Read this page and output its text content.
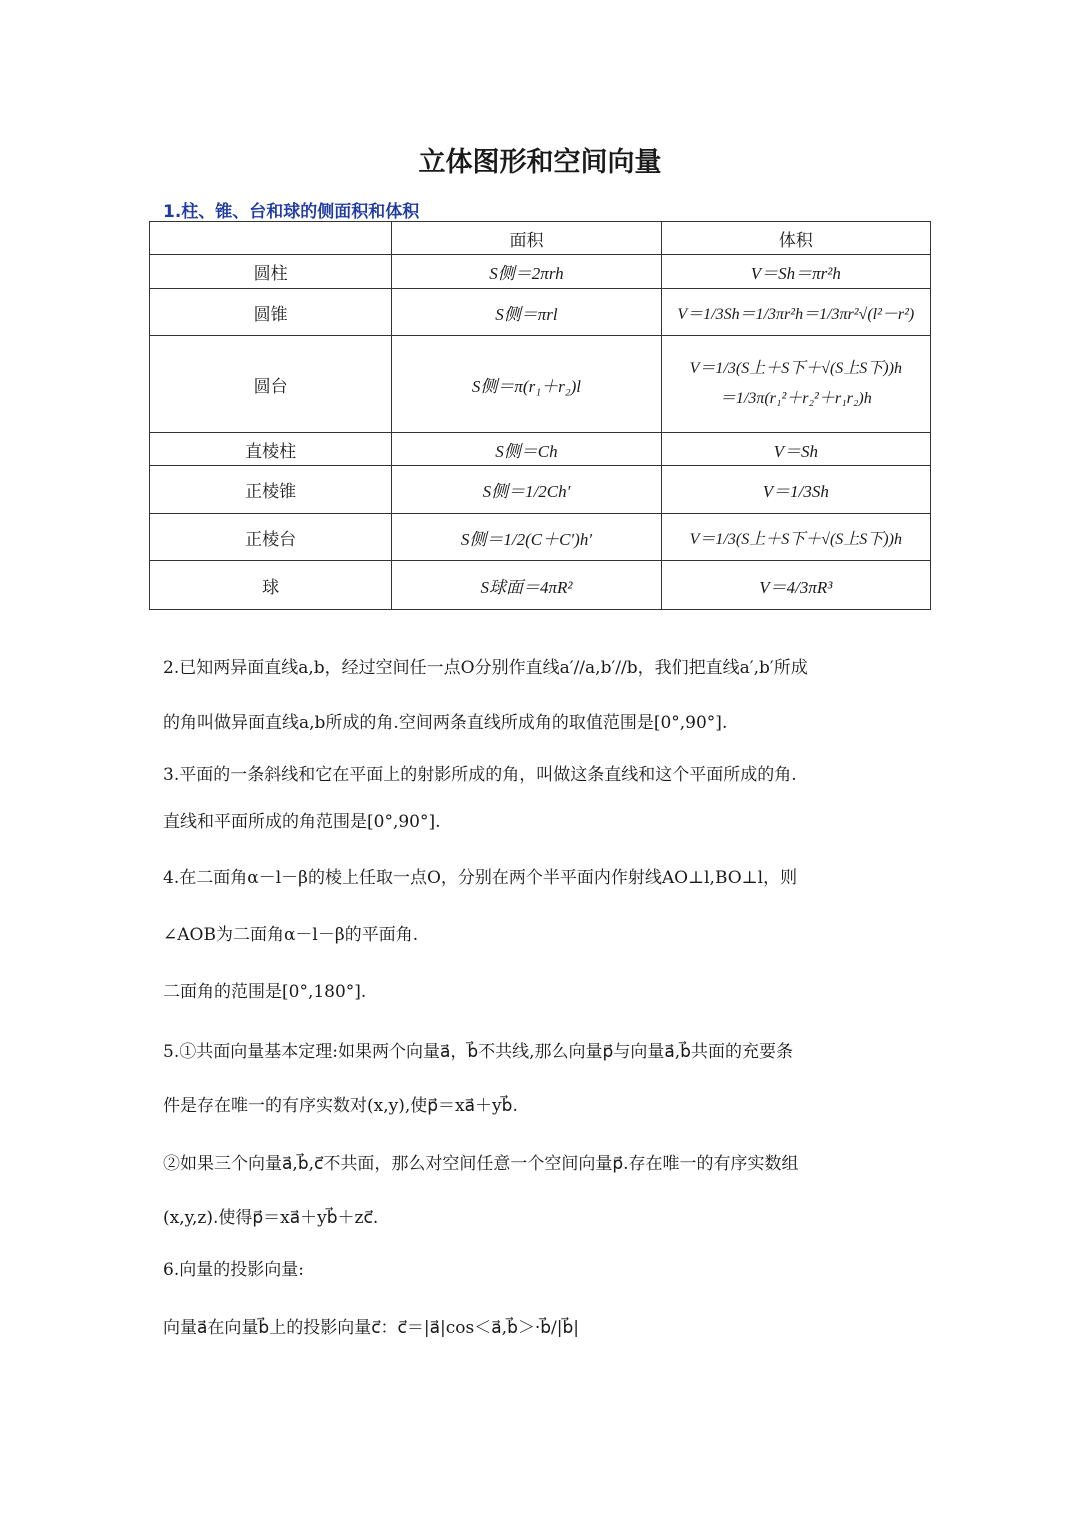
立体图形和空间向量
1.柱、锥、台和球的侧面积和体积
	面积	体积
圆柱	S侧＝2πrh	V＝Sh＝πr²h
圆锥	S侧＝πrl	V＝1/3Sh＝1/3πr²h＝1/3πr²√(l²－r²)
圆台	S侧＝π(r₁＋r₂)l	V＝1/3(S上＋S下＋√(S上S下))h
＝1/3π(r₁²＋r₂²＋r₁r₂)h

直棱柱	S侧＝Ch	V＝Sh
正棱锥	S侧＝1/2Ch′	V＝1/3Sh
正棱台	S侧＝1/2(C＋C′)h′	V＝1/3(S上＋S下＋√(S上S下))h
球	S球面＝4πR²	V＝4/3πR³
2.已知两异面直线a,b，经过空间任一点O分别作直线a′//a,b′//b，我们把直线a′,b′所成
的角叫做异面直线a,b所成的角.空间两条直线所成角的取值范围是[0°,90°].
3.平面的一条斜线和它在平面上的射影所成的角，叫做这条直线和这个平面所成的角.
直线和平面所成的角范围是[0°,90°].
4.在二面角α－l－β的棱上任取一点O，分别在两个半平面内作射线AO⊥l,BO⊥l，则
∠AOB为二面角α－l－β的平面角.
二面角的范围是[0°,180°].
5.①共面向量基本定理:如果两个向量a⃗，b⃗不共线,那么向量p⃗与向量a⃗,b⃗共面的充要条
件是存在唯一的有序实数对(x,y),使p⃗＝xa⃗＋yb⃗.
②如果三个向量a⃗,b⃗,c⃗不共面，那么对空间任意一个空间向量p⃗.存在唯一的有序实数组
(x,y,z).使得p⃗＝xa⃗＋yb⃗＋zc⃗.
6.向量的投影向量:
向量a⃗在向量b⃗上的投影向量c⃗：c⃗＝|a⃗|cos＜a⃗,b⃗＞·b⃗/|b⃗|
